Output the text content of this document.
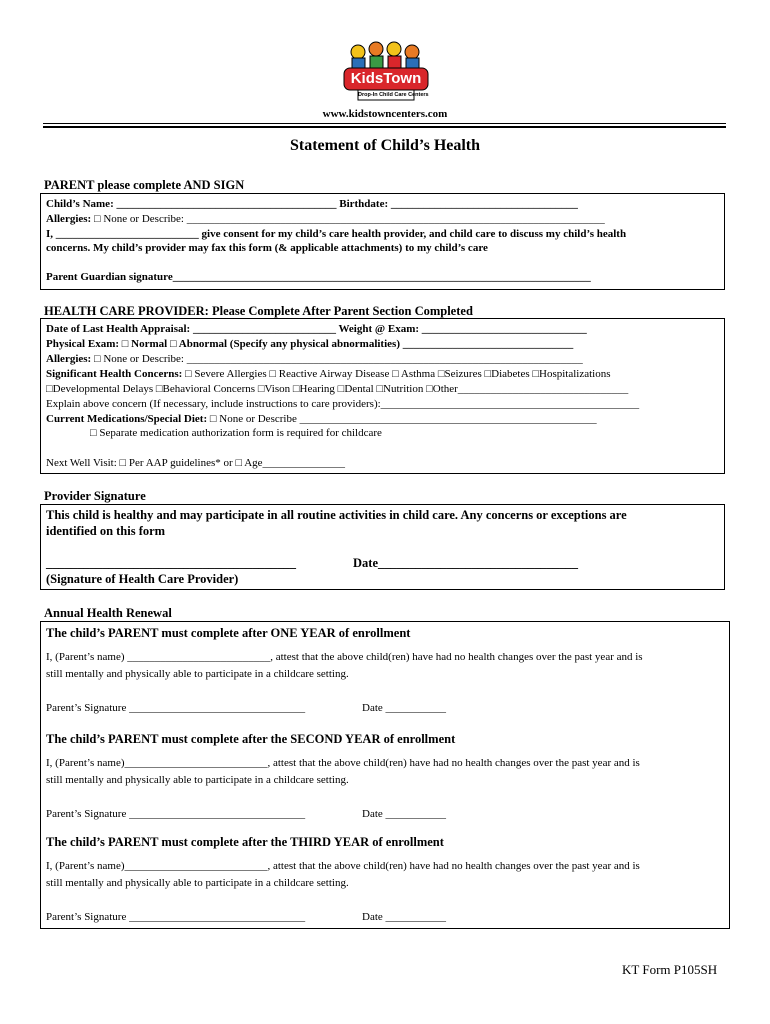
KidsTown
Drop-In Child Care Centers
www.kidstowncenters.com
Statement of Child’s Health
PARENT please complete AND SIGN
Child’s Name: ________________________________________ Birthdate: __________________________________
Allergies: □ None or Describe: ____________________________________________________________________________
I, __________________________ give consent for my child’s care health provider, and child care to discuss my child’s health
concerns. My child’s provider may fax this form (& applicable attachments) to my child’s care
Parent Guardian signature____________________________________________________________________________
HEALTH CARE PROVIDER: Please Complete After Parent Section Completed
Date of Last Health Appraisal: __________________________ Weight @ Exam: ______________________________
Physical Exam: □ Normal □ Abnormal (Specify any physical abnormalities) _______________________________
Allergies: □ None or Describe: ________________________________________________________________________
Significant Health Concerns: □ Severe Allergies □ Reactive Airway Disease □ Asthma □Seizures □Diabetes □Hospitalizations
□Developmental Delays □Behavioral Concerns □Vison □Hearing □Dental □Nutrition □Other_______________________________
Explain above concern (If necessary, include instructions to care providers):_______________________________________________
Current Medications/Special Diet: □ None or Describe ______________________________________________________
□ Separate medication authorization form is required for childcare
Next Well Visit: □ Per AAP guidelines* or □ Age_______________
Provider Signature
This child is healthy and may participate in all routine activities in child care. Any concerns or exceptions are
identified on this form
________________________________________	Date________________________________
(Signature of Health Care Provider)
Annual Health Renewal
The child’s PARENT must complete after ONE YEAR of enrollment
I, (Parent’s name) __________________________, attest that the above child(ren) have had no health changes over the past year and is
still mentally and physically able to participate in a childcare setting.
Parent’s Signature ________________________________	Date ___________
The child’s PARENT must complete after the SECOND YEAR of enrollment
I, (Parent’s name)__________________________, attest that the above child(ren) have had no health changes over the past year and is
still mentally and physically able to participate in a childcare setting.
Parent’s Signature ________________________________	Date ___________
The child’s PARENT must complete after the THIRD YEAR of enrollment
I, (Parent’s name)__________________________, attest that the above child(ren) have had no health changes over the past year and is
still mentally and physically able to participate in a childcare setting.
Parent’s Signature ________________________________	Date ___________
KT Form P105SH
